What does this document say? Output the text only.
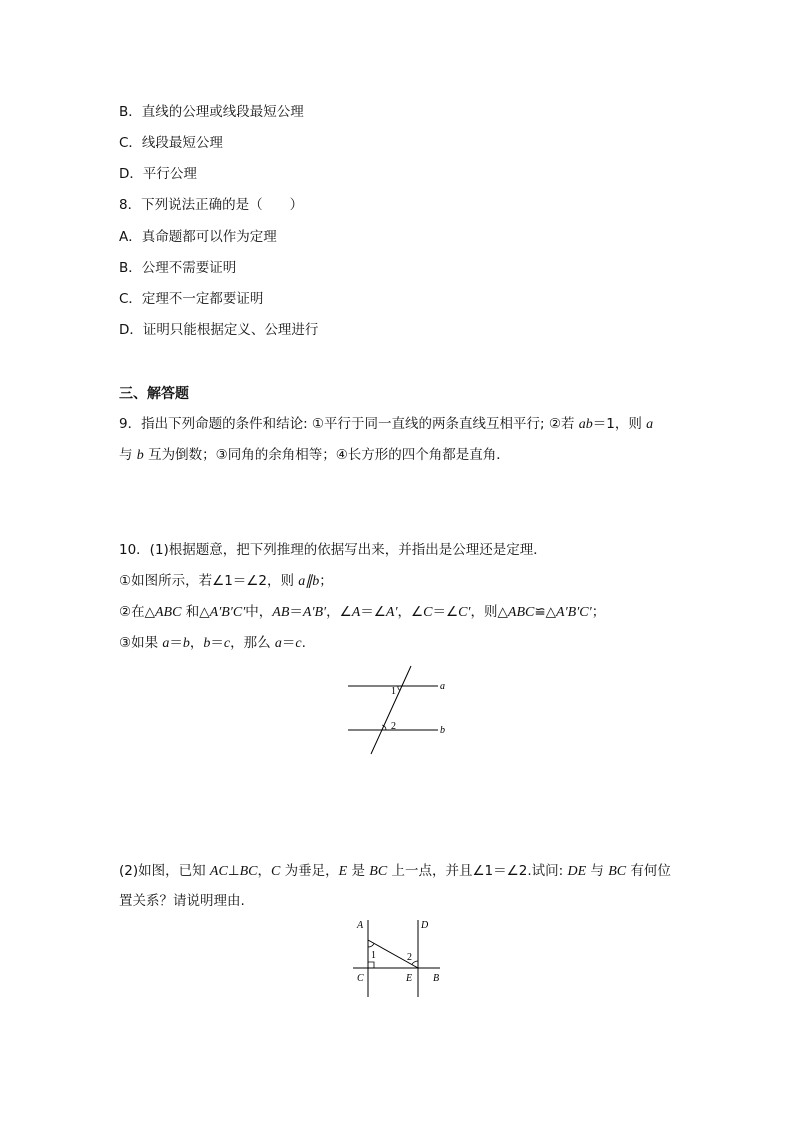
B．直线的公理或线段最短公理
C．线段最短公理
D．平行公理
8．下列说法正确的是（　　）
A．真命题都可以作为定理
B．公理不需要证明
C．定理不一定都要证明
D．证明只能根据定义、公理进行
三、解答题
9．指出下列命题的条件和结论: ①平行于同一直线的两条直线互相平行; ②若 ab＝1，则 a
与 b 互为倒数；③同角的余角相等；④长方形的四个角都是直角．
10．(1)根据题意，把下列推理的依据写出来，并指出是公理还是定理．
①如图所示，若∠1＝∠2，则 a∥b；
②在△ABC 和△A′B′C′中，AB＝A′B′，∠A＝∠A′，∠C＝∠C′，则△ABC≌△A′B′C′；
③如果 a＝b，b＝c，那么 a＝c.
1
2
a
b
(2)如图，已知 AC⊥BC，C 为垂足，E 是 BC 上一点，并且∠1＝∠2.试问: DE 与 BC 有何位
置关系？请说明理由.
A	D
C	E B
1	2
